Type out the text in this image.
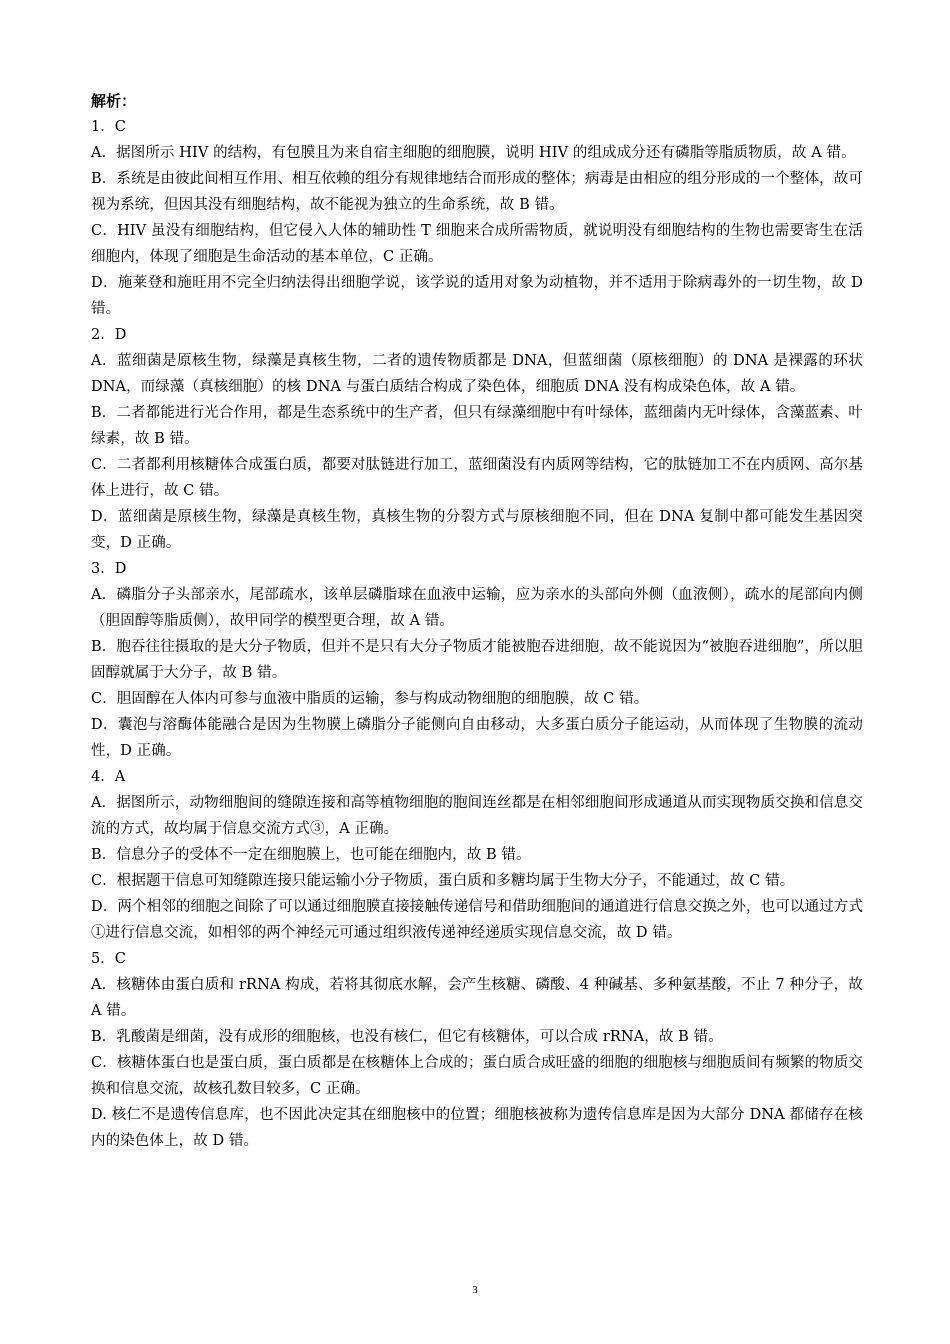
解析：
1．C

A．据图所示 HIV 的结构，有包膜且为来自宿主细胞的细胞膜，说明 HIV 的组成成分还有磷脂等脂质物质，故 A 错。

B．系统是由彼此间相互作用、相互依赖的组分有规律地结合而形成的整体；病毒是由相应的组分形成的一个整体，故可视为系统，但因其没有细胞结构，故不能视为独立的生命系统，故 B 错。

C．HIV 虽没有细胞结构，但它侵入人体的辅助性 T 细胞来合成所需物质，就说明没有细胞结构的生物也需要寄生在活细胞内，体现了细胞是生命活动的基本单位，C 正确。

D．施莱登和施旺用不完全归纳法得出细胞学说，该学说的适用对象为动植物，并不适用于除病毒外的一切生物，故 D 错。

2．D

A．蓝细菌是原核生物，绿藻是真核生物，二者的遗传物质都是 DNA，但蓝细菌（原核细胞）的 DNA 是裸露的环状 DNA，而绿藻（真核细胞）的核 DNA 与蛋白质结合构成了染色体，细胞质 DNA 没有构成染色体，故 A 错。

B．二者都能进行光合作用，都是生态系统中的生产者，但只有绿藻细胞中有叶绿体，蓝细菌内无叶绿体，含藻蓝素、叶绿素，故 B 错。

C．二者都利用核糖体合成蛋白质，都要对肽链进行加工，蓝细菌没有内质网等结构，它的肽链加工不在内质网、高尔基体上进行，故 C 错。

D．蓝细菌是原核生物，绿藻是真核生物，真核生物的分裂方式与原核细胞不同，但在 DNA 复制中都可能发生基因突变，D 正确。

3．D

A．磷脂分子头部亲水，尾部疏水，该单层磷脂球在血液中运输，应为亲水的头部向外侧（血液侧），疏水的尾部向内侧（胆固醇等脂质侧），故甲同学的模型更合理，故 A 错。

B．胞吞往往摄取的是大分子物质，但并不是只有大分子物质才能被胞吞进细胞，故不能说因为“被胞吞进细胞”，所以胆固醇就属于大分子，故 B 错。

C．胆固醇在人体内可参与血液中脂质的运输，参与构成动物细胞的细胞膜，故 C 错。

D．囊泡与溶酶体能融合是因为生物膜上磷脂分子能侧向自由移动，大多蛋白质分子能运动，从而体现了生物膜的流动性，D 正确。

4．A

A．据图所示，动物细胞间的缝隙连接和高等植物细胞的胞间连丝都是在相邻细胞间形成通道从而实现物质交换和信息交流的方式，故均属于信息交流方式③，A 正确。

B．信息分子的受体不一定在细胞膜上，也可能在细胞内，故 B 错。

C．根据题干信息可知缝隙连接只能运输小分子物质，蛋白质和多糖均属于生物大分子，不能通过，故 C 错。

D．两个相邻的细胞之间除了可以通过细胞膜直接接触传递信号和借助细胞间的通道进行信息交换之外，也可以通过方式①进行信息交流，如相邻的两个神经元可通过组织液传递神经递质实现信息交流，故 D 错。

5．C

A．核糖体由蛋白质和 rRNA 构成，若将其彻底水解，会产生核糖、磷酸、4 种碱基、多种氨基酸，不止 7 种分子，故 A 错。

B．乳酸菌是细菌，没有成形的细胞核，也没有核仁，但它有核糖体，可以合成 rRNA，故 B 错。

C．核糖体蛋白也是蛋白质，蛋白质都是在核糖体上合成的；蛋白质合成旺盛的细胞的细胞核与细胞质间有频繁的物质交换和信息交流，故核孔数目较多，C 正确。

D. 核仁不是遗传信息库，也不因此决定其在细胞核中的位置；细胞核被称为遗传信息库是因为大部分 DNA 都储存在核内的染色体上，故 D 错。

3
